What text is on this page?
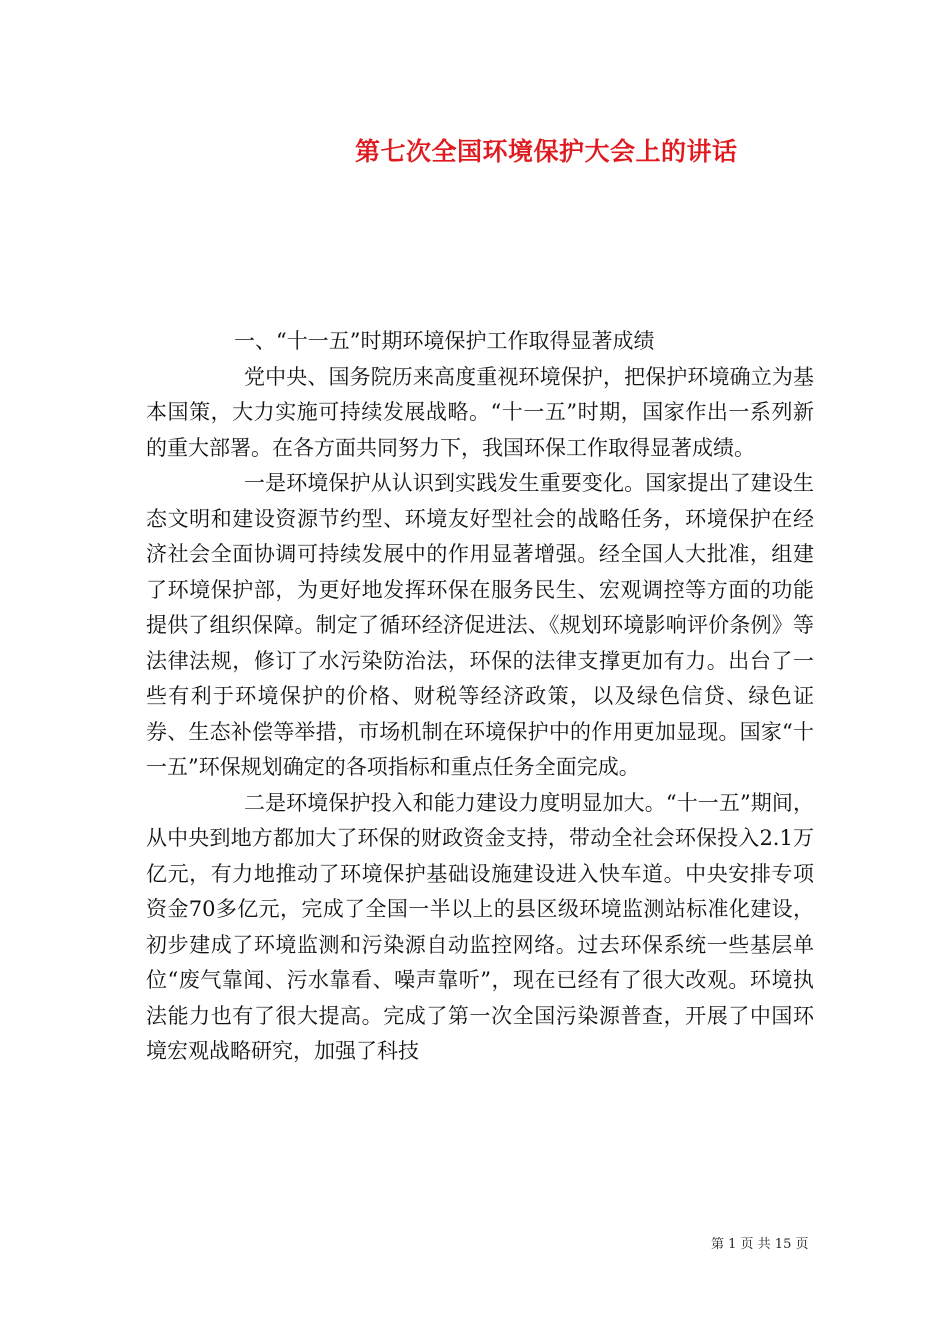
第七次全国环境保护大会上的讲话

一、“十一五”时期环境保护工作取得显著成绩

党中央、国务院历来高度重视环境保护，把保护环境确立为基本国策，大力实施可持续发展战略。“十一五”时期，国家作出一系列新的重大部署。在各方面共同努力下，我国环保工作取得显著成绩。

一是环境保护从认识到实践发生重要变化。国家提出了建设生态文明和建设资源节约型、环境友好型社会的战略任务，环境保护在经济社会全面协调可持续发展中的作用显著增强。经全国人大批准，组建了环境保护部，为更好地发挥环保在服务民生、宏观调控等方面的功能提供了组织保障。制定了循环经济促进法、《规划环境影响评价条例》等法律法规，修订了水污染防治法，环保的法律支撑更加有力。出台了一些有利于环境保护的价格、财税等经济政策，以及绿色信贷、绿色证券、生态补偿等举措，市场机制在环境保护中的作用更加显现。国家“十一五”环保规划确定的各项指标和重点任务全面完成。

二是环境保护投入和能力建设力度明显加大。“十一五”期间，从中央到地方都加大了环保的财政资金支持，带动全社会环保投入2.1万亿元，有力地推动了环境保护基础设施建设进入快车道。中央安排专项资金70多亿元，完成了全国一半以上的县区级环境监测站标准化建设，初步建成了环境监测和污染源自动监控网络。过去环保系统一些基层单位“废气靠闻、污水靠看、噪声靠听”，现在已经有了很大改观。环境执法能力也有了很大提高。完成了第一次全国污染源普查，开展了中国环境宏观战略研究，加强了科技

第 1 页 共 15 页
